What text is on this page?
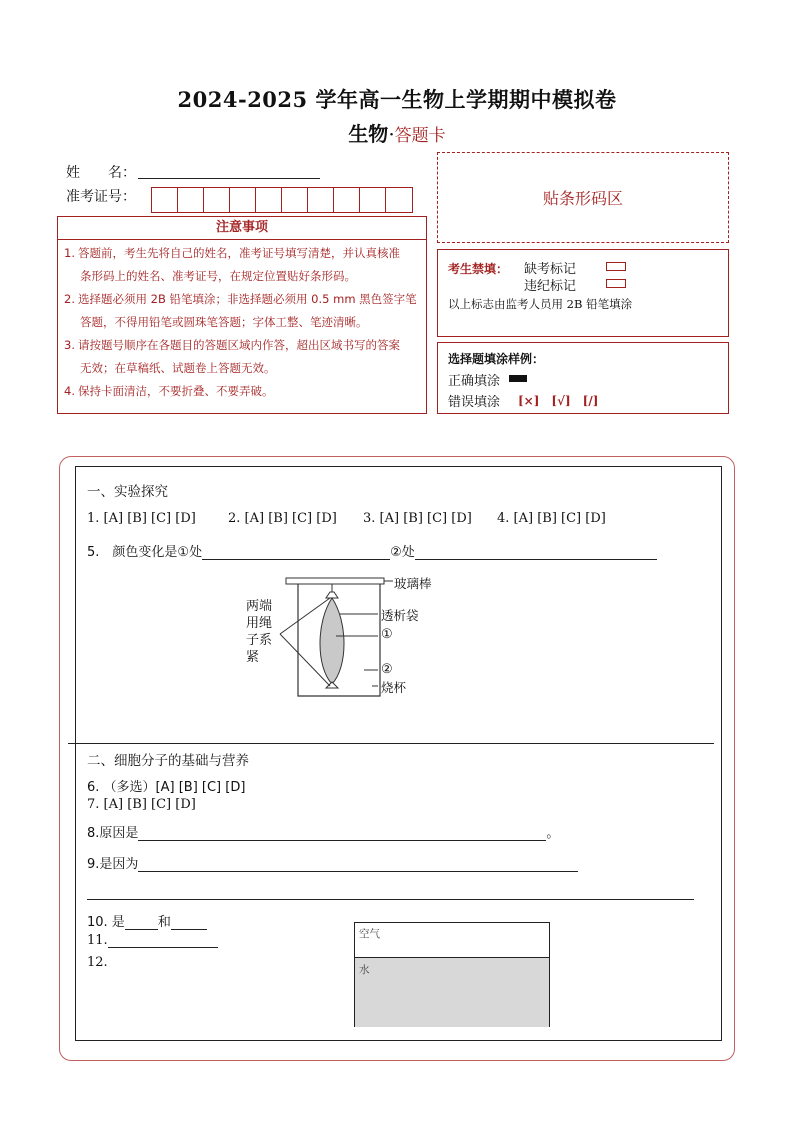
2024-2025 学年高一生物上学期期中模拟卷
生物·答题卡
姓　　名：
准考证号：
注意事项
1. 答题前，考生先将自己的姓名，准考证号填写清楚，并认真核准
条形码上的姓名、准考证号，在规定位置贴好条形码。
2. 选择题必须用 2B 铅笔填涂；非选择题必须用 0.5 mm 黑色签字笔
答题，不得用铅笔或圆珠笔答题；字体工整、笔迹清晰。
3. 请按题号顺序在各题目的答题区域内作答，超出区域书写的答案
无效；在草稿纸、试题卷上答题无效。
4. 保持卡面清洁，不要折叠、不要弄破。
贴条形码区
考生禁填： 缺考标记
违纪标记
以上标志由监考人员用 2B 铅笔填涂
选择题填涂样例：
正确填涂
错误填涂 [×]　[√]　[/]
一、实验探究
1. [A] [B] [C] [D] 2. [A] [B] [C] [D] 3. [A] [B] [C] [D] 4. [A] [B] [C] [D]
5.　颜色变化是①处	②处
两端
用绳
子系
紧
玻璃棒
透析袋
①
②
烧杯
二、细胞分子的基础与营养
6. （多选）[A] [B] [C] [D]
7. [A] [B] [C] [D]
8.原因是	。
9.是因为
10. 是	和
11.
12.
空气
水
